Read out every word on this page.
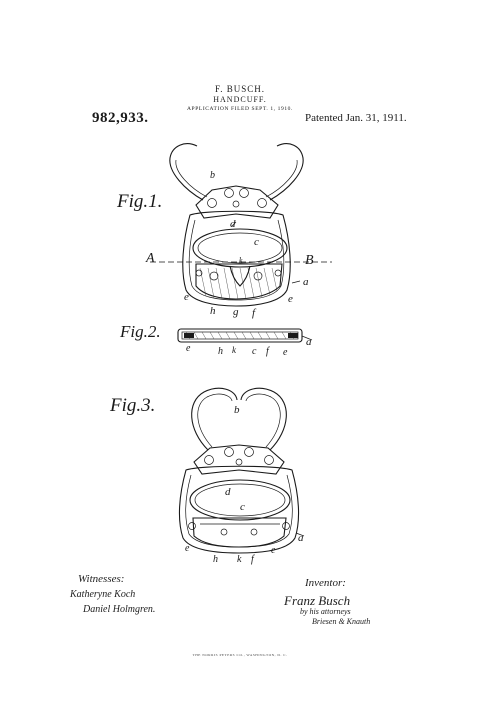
F. BUSCH.
HANDCUFF.
APPLICATION FILED SEPT. 1, 1910.
982,933.	Patented Jan. 31, 1911.
Fig.1.
b
d
c
k
A	B
a
e	e
h g f
Fig.2.
a
e	h k c f e
Fig.3.	b
d
c
a
e
h k f
e
Witnesses:
Katheryne Koch
Daniel Holmgren.
Inventor:
Franz Busch
by his attorneys
Briesen & Knauth
THE NORRIS PETERS CO., WASHINGTON, D. C.
